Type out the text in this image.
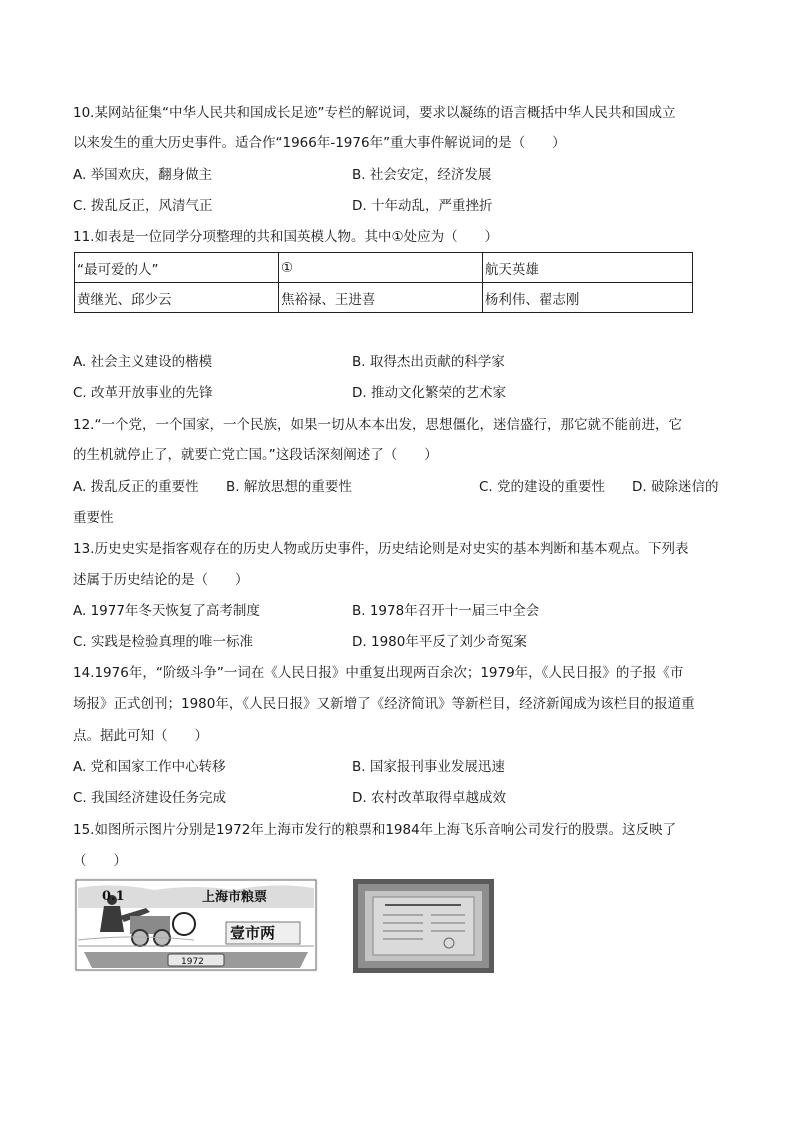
10.某网站征集“中华人民共和国成长足迹”专栏的解说词，要求以凝练的语言概括中华人民共和国成立
以来发生的重大历史事件。适合作“1966年-1976年”重大事件解说词的是（　　）
A. 举国欢庆，翻身做主	B. 社会安定，经济发展
C. 拨乱反正，风清气正	D. 十年动乱，严重挫折
11.如表是一位同学分项整理的共和国英模人物。其中①处应为（　　）
“最可爱的人”	①	航天英雄
黄继光、邱少云	焦裕禄、王进喜	杨利伟、翟志刚
A. 社会主义建设的楷模	B. 取得杰出贡献的科学家
C. 改革开放事业的先锋	D. 推动文化繁荣的艺术家
12.“一个党，一个国家，一个民族，如果一切从本本出发，思想僵化，迷信盛行，那它就不能前进，它
的生机就停止了，就要亡党亡国。”这段话深刻阐述了（　　）
A. 拨乱反正的重要性 B. 解放思想的重要性	C. 党的建设的重要性 D. 破除迷信的
重要性
13.历史史实是指客观存在的历史人物或历史事件，历史结论则是对史实的基本判断和基本观点。下列表
述属于历史结论的是（　　）
A. 1977年冬天恢复了高考制度	B. 1978年召开十一届三中全会
C. 实践是检验真理的唯一标准	D. 1980年平反了刘少奇冤案
14.1976年，“阶级斗争”一词在《人民日报》中重复出现两百余次；1979年，《人民日报》的子报《市
场报》正式创刊；1980年，《人民日报》又新增了《经济简讯》等新栏目，经济新闻成为该栏目的报道重
点。据此可知（　　）
A. 党和国家工作中心转移	B. 国家报刊事业发展迅速
C. 我国经济建设任务完成	D. 农村改革取得卓越成效
15.如图所示图片分别是1972年上海市发行的粮票和1984年上海飞乐音响公司发行的股票。这反映了
（　　）
0.1	上海市粮票
壹市两
1972
